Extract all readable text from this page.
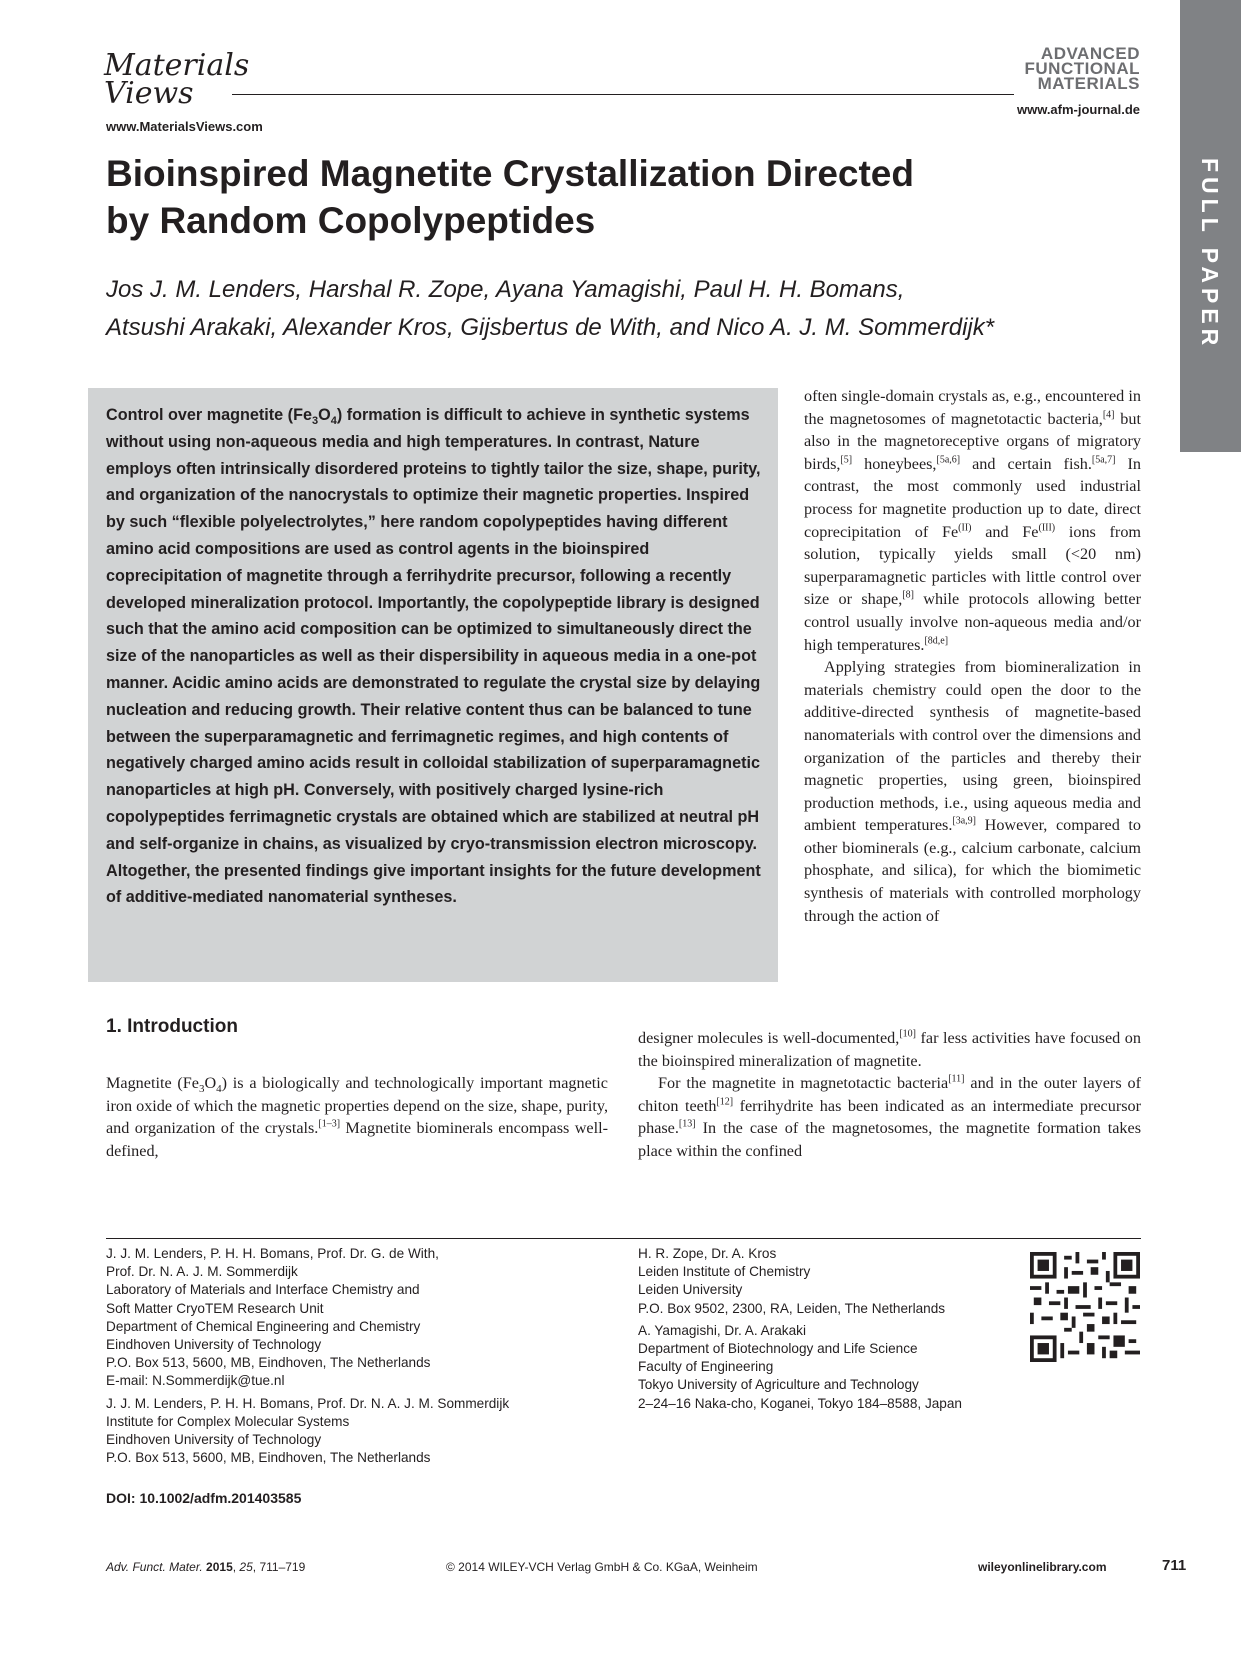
Materials Views
www.MaterialsViews.com
ADVANCED FUNCTIONAL MATERIALS
www.afm-journal.de
FULL PAPER
Bioinspired Magnetite Crystallization Directed
by Random Copolypeptides
Jos J. M. Lenders, Harshal R. Zope, Ayana Yamagishi, Paul H. H. Bomans,
Atsushi Arakaki, Alexander Kros, Gijsbertus de With, and Nico A. J. M. Sommerdijk*

Control over magnetite $(Fe_3O_4)$ formation is difficult to achieve in synthetic systems without using non-aqueous media and high temperatures. In contrast, Nature employs often intrinsically disordered proteins to tightly tailor the size, shape, purity, and organization of the nanocrystals to optimize their magnetic properties. Inspired by such “flexible polyelectrolytes,” here random copolypeptides having different amino acid compositions are used as control agents in the bioinspired coprecipitation of magnetite through a ferrihydrite precursor, following a recently developed mineralization protocol. Importantly, the copolypeptide library is designed such that the amino acid composition can be optimized to simultaneously direct the size of the nanoparticles as well as their dispersibility in aqueous media in a one-pot manner. Acidic amino acids are demonstrated to regulate the crystal size by delaying nucleation and reducing growth. Their relative content thus can be balanced to tune between the superparamagnetic and ferrimagnetic regimes, and high contents of negatively charged amino acids result in colloidal stabilization of superparamagnetic nanoparticles at high pH. Conversely, with positively charged lysine-rich copolypeptides ferrimagnetic crystals are obtained which are stabilized at neutral pH and self-organize in chains, as visualized by cryo-transmission electron microscopy. Altogether, the presented findings give important insights for the future development of additive-mediated nanomaterial syntheses.

often single-domain crystals as, e.g., encountered in the magnetosomes of magnetotactic bacteria,[4] but also in the magnetoreceptive organs of migratory birds,[5] honeybees,[5a,6] and certain fish.[5a,7] In contrast, the most commonly used industrial process for magnetite production up to date, direct coprecipitation of $Fe^{(II)}$ and $Fe^{(III)}$ ions from solution, typically yields small (<20 nm) superparamagnetic particles with little control over size or shape,[8] while protocols allowing better control usually involve non-aqueous media and/or high temperatures.[8d,e]

Applying strategies from biomineralization in materials chemistry could open the door to the additive-directed synthesis of magnetite-based nanomaterials with control over the dimensions and organization of the particles and thereby their magnetic properties, using green, bioinspired production methods, i.e., using aqueous media and ambient temperatures.[3a,9] However, compared to other biominerals (e.g., calcium carbonate, calcium phosphate, and silica), for which the biomimetic synthesis of materials with controlled morphology through the action of

designer molecules is well-documented,[10] far less activities have focused on the bioinspired mineralization of magnetite.

For the magnetite in magnetotactic bacteria[11] and in the outer layers of chiton teeth[12] ferrihydrite has been indicated as an intermediate precursor phase.[13] In the case of the magnetosomes, the magnetite formation takes place within the confined

1. Introduction

Magnetite $(Fe_3O_4)$ is a biologically and technologically important magnetic iron oxide of which the magnetic properties depend on the size, shape, purity, and organization of the crystals.[1–3] Magnetite biominerals encompass well-defined,

J. J. M. Lenders, P. H. H. Bomans, Prof. Dr. G. de With,
Prof. Dr. N. A. J. M. Sommerdijk
Laboratory of Materials and Interface Chemistry and
Soft Matter CryoTEM Research Unit
Department of Chemical Engineering and Chemistry
Eindhoven University of Technology
P.O. Box 513, 5600, MB, Eindhoven, The Netherlands
E-mail: N.Sommerdijk@tue.nl
J. J. M. Lenders, P. H. H. Bomans, Prof. Dr. N. A. J. M. Sommerdijk
Institute for Complex Molecular Systems
Eindhoven University of Technology
P.O. Box 513, 5600, MB, Eindhoven, The Netherlands
H. R. Zope, Dr. A. Kros
Leiden Institute of Chemistry
Leiden University
P.O. Box 9502, 2300, RA, Leiden, The Netherlands
A. Yamagishi, Dr. A. Arakaki
Department of Biotechnology and Life Science
Faculty of Engineering
Tokyo University of Agriculture and Technology
2–24–16 Naka-cho, Koganei, Tokyo 184–8588, Japan
DOI: 10.1002/adfm.201403585
Adv. Funct. Mater. 2015, 25, 711–719	© 2014 WILEY-VCH Verlag GmbH & Co. KGaA, Weinheim	wileyonlinelibrary.com	711
